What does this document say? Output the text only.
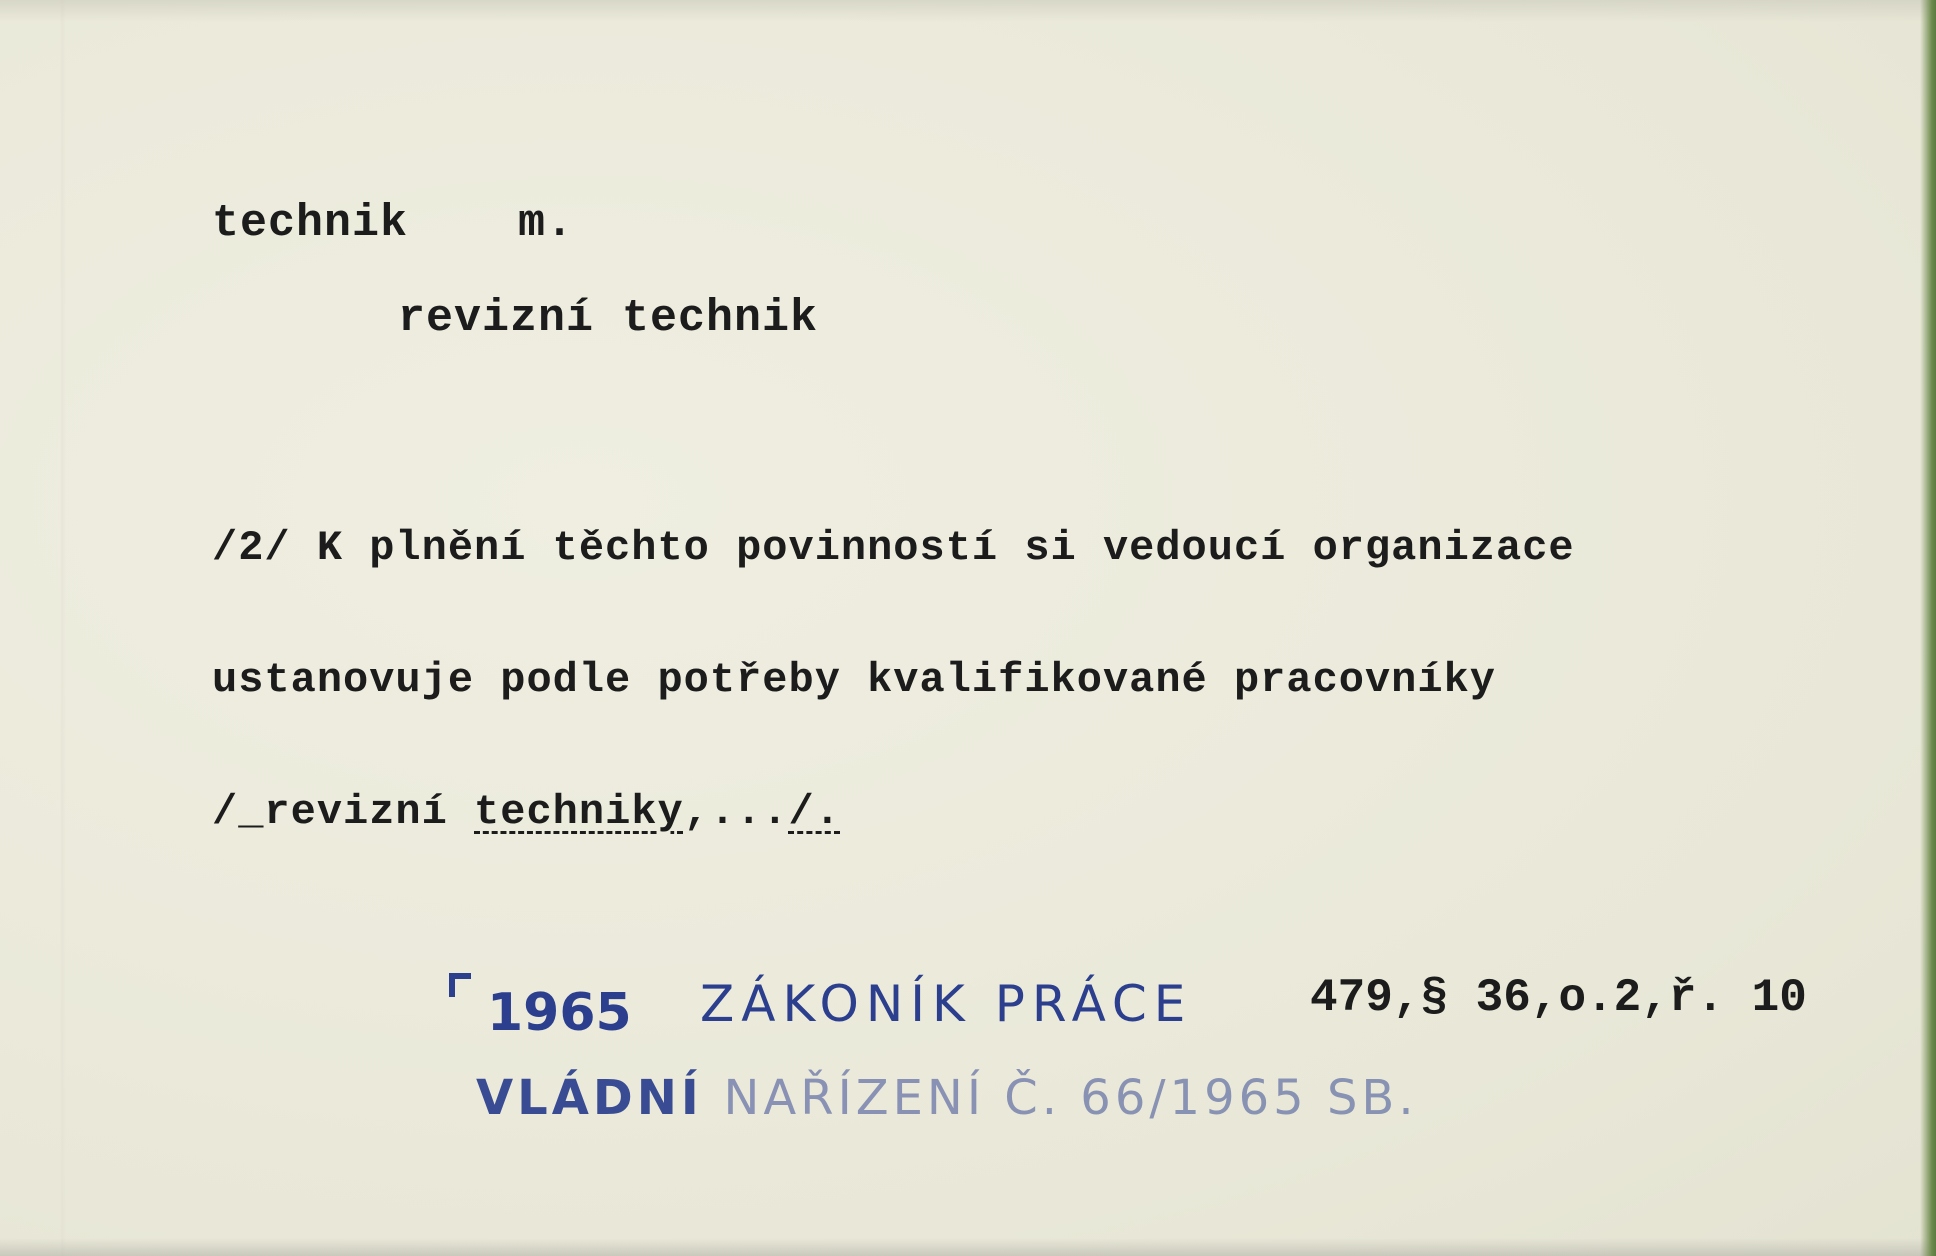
technik m.
revizní technik

/2/ K plnění těchto povinností si vedoucí organizace

ustanovuje podle potřeby kvalifikované pracovníky

/_revizní techniky,.../.

1965 ZÁKONÍK PRÁCE	479,§ 36,o.2,ř. 10
VLÁDNÍ NAŘÍZENÍ Č. 66/1965 SB.
